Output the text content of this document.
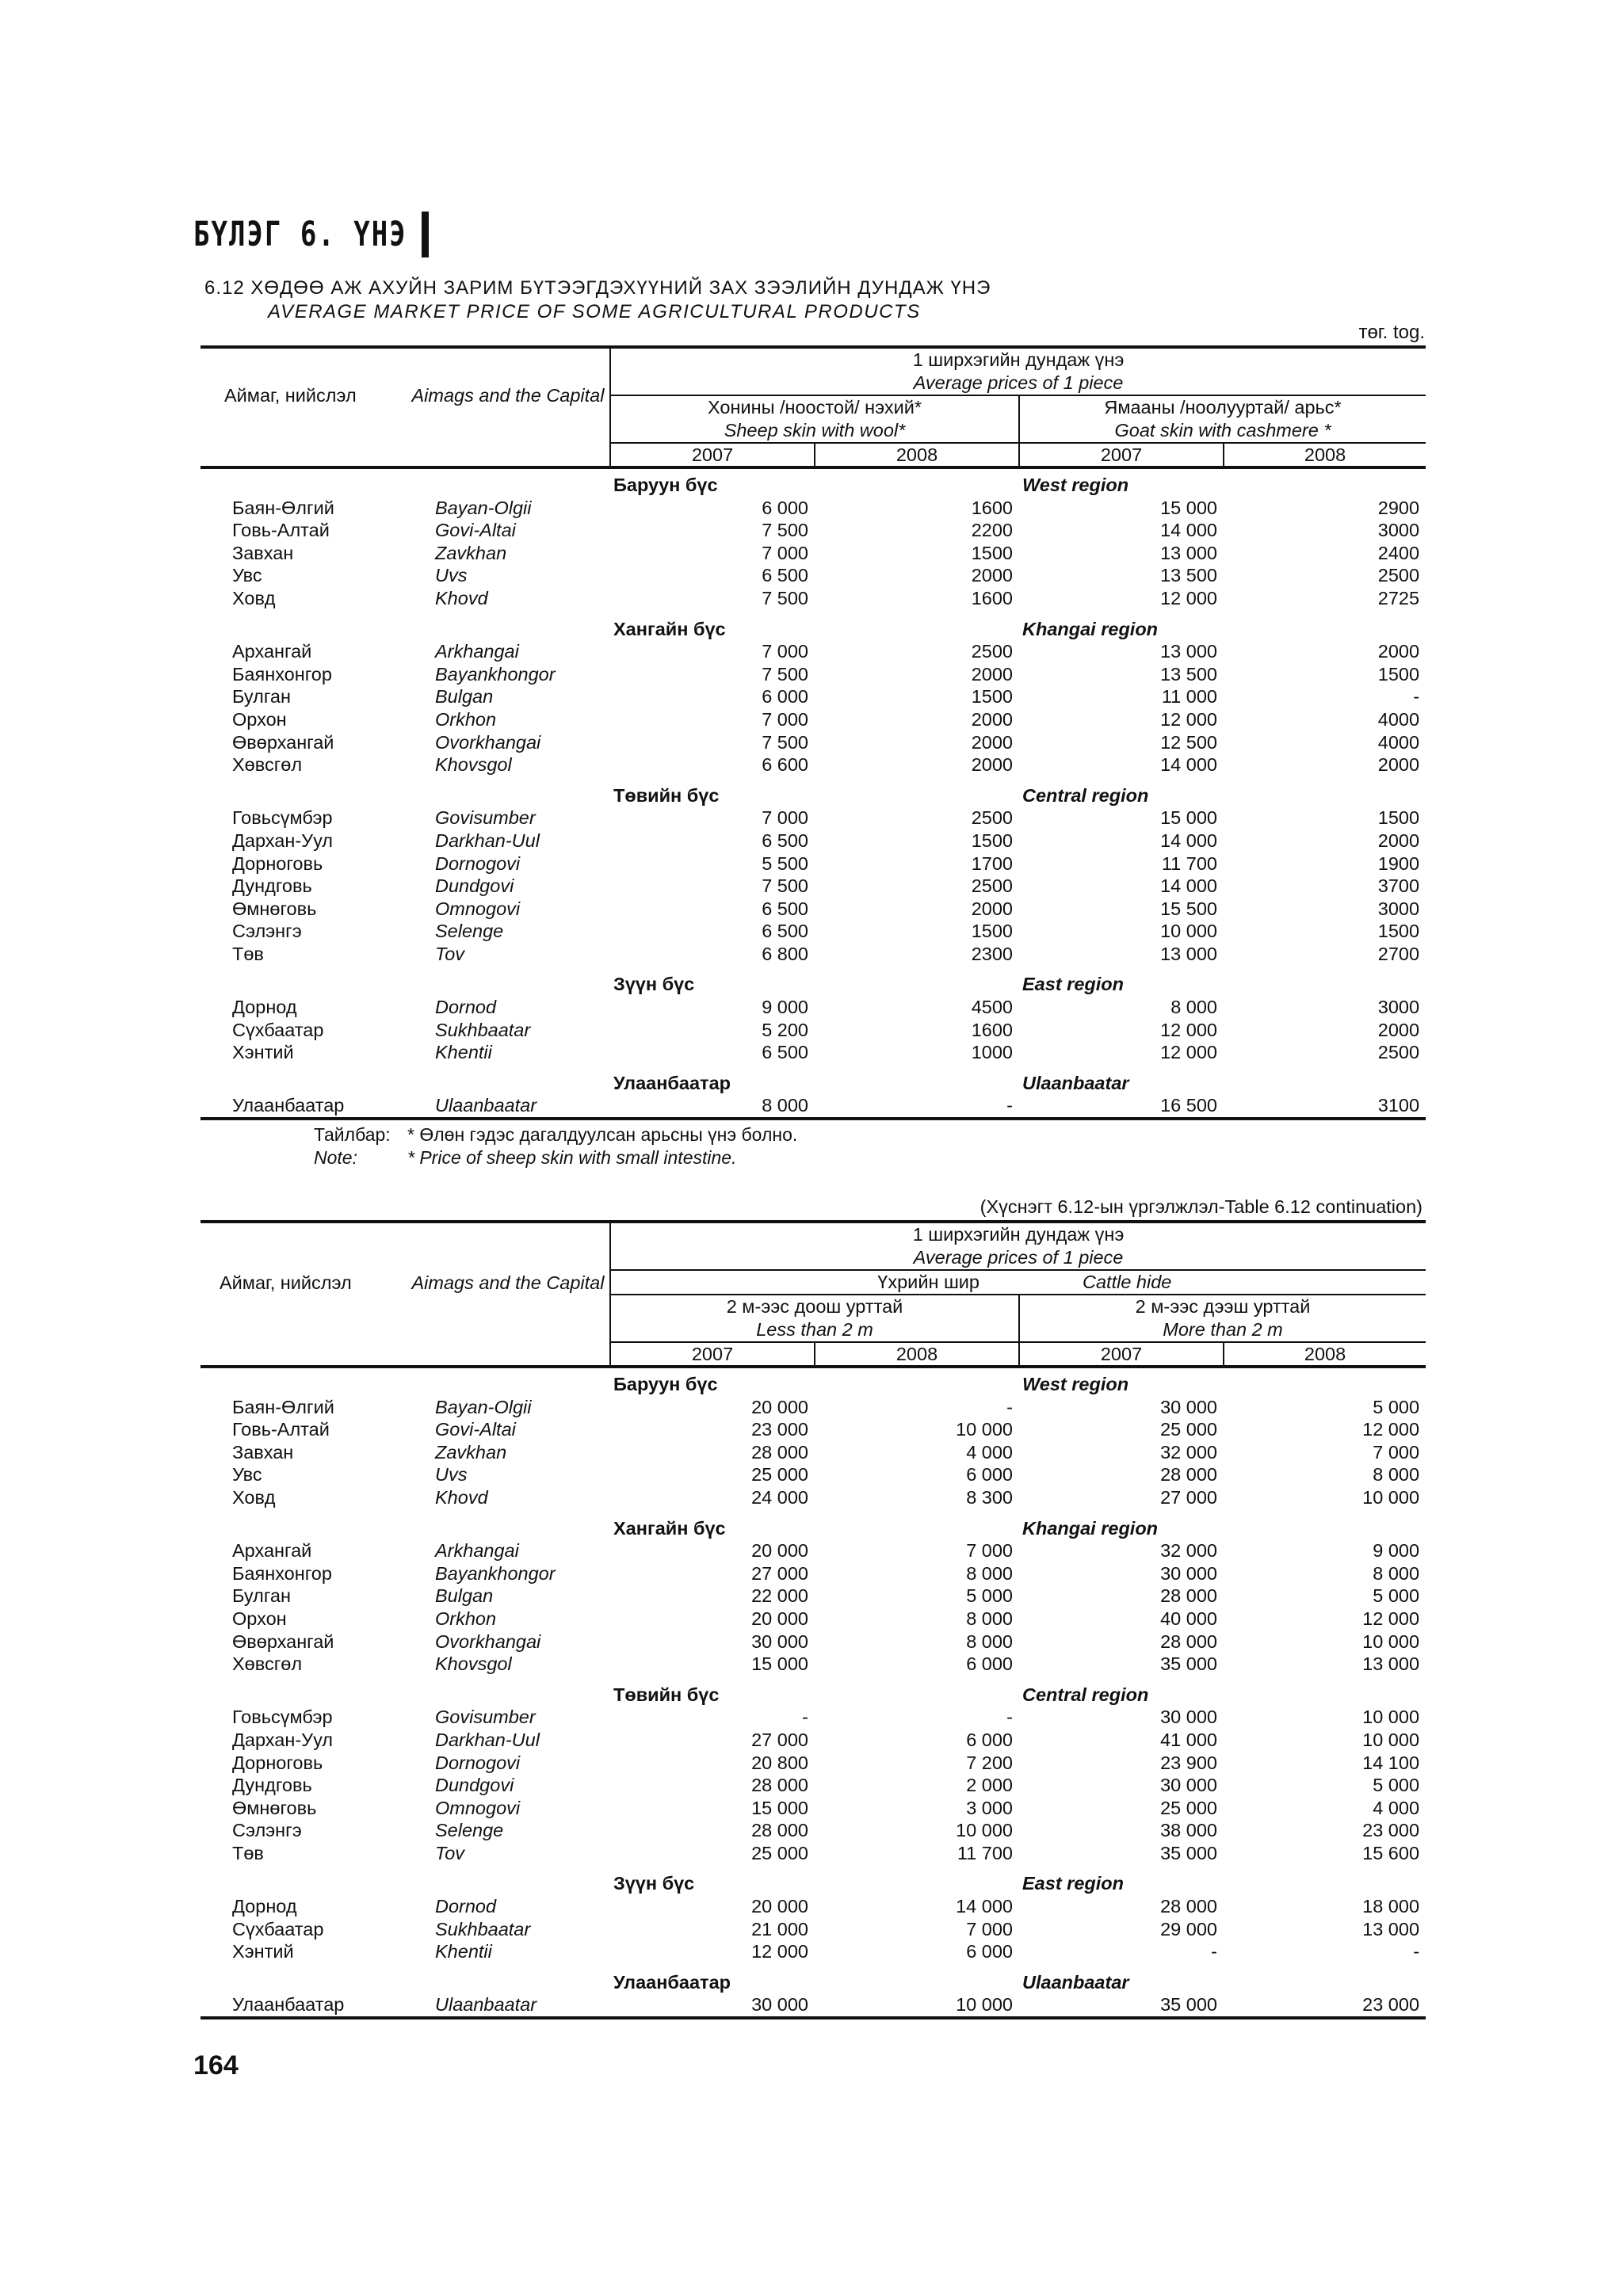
БҮЛЭГ 6. ҮНЭ
6.12 ХӨДӨӨ АЖ АХУЙН ЗАРИМ БҮТЭЭГДЭХҮҮНИЙ ЗАХ ЗЭЭЛИЙН ДУНДАЖ ҮНЭ
AVERAGE MARKET PRICE OF SOME AGRICULTURAL PRODUCTS
төг. tog.
Аймаг, нийслэл	Aimags and the Capital	1 ширхэгийн дундаж үнэ			
		Average prices of 1 piece			
		Хонины /ноостой/ нэхий*		Ямааны /ноолууртай/ арьс*	
		Sheep skin with wool*		Goat skin with cashmere *	
		2007	2008	2007	2008
		Баруун бүс		West region	
Баян-Өлгий	Bayan-Olgii	6 000	1600	15 000	2900
Говь-Алтай	Govi-Altai	7 500	2200	14 000	3000
Завхан	Zavkhan	7 000	1500	13 000	2400
Увс	Uvs	6 500	2000	13 500	2500
Ховд	Khovd	7 500	1600	12 000	2725
		Хангайн бүс		Khangai region	
Архангай	Arkhangai	7 000	2500	13 000	2000
Баянхонгор	Bayankhongor	7 500	2000	13 500	1500
Булган	Bulgan	6 000	1500	11 000	-
Орхон	Orkhon	7 000	2000	12 000	4000
Өвөрхангай	Ovorkhangai	7 500	2000	12 500	4000
Хөвсгөл	Khovsgol	6 600	2000	14 000	2000
		Төвийн бүс		Central region	
Говьсүмбэр	Govisumber	7 000	2500	15 000	1500
Дархан-Уул	Darkhan-Uul	6 500	1500	14 000	2000
Дорноговь	Dornogovi	5 500	1700	11 700	1900
Дундговь	Dundgovi	7 500	2500	14 000	3700
Өмнөговь	Omnogovi	6 500	2000	15 500	3000
Сэлэнгэ	Selenge	6 500	1500	10 000	1500
Төв	Tov	6 800	2300	13 000	2700
		Зүүн бүс		East region	
Дорнод	Dornod	9 000	4500	8 000	3000
Сүхбаатар	Sukhbaatar	5 200	1600	12 000	2000
Хэнтий	Khentii	6 500	1000	12 000	2500
		Улаанбаатар		Ulaanbaatar	
Улаанбаатар	Ulaanbaatar	8 000	-	16 500	3100
Тайлбар: * Өлөн гэдэс дагалдуулсан арьсны үнэ болно.
Note:	* Price of sheep skin with small intestine.
(Хүснэгт 6.12-ын үргэлжлэл-Table 6.12 continuation)
Аймаг, нийслэл	Aimags and the Capital	1 ширхэгийн дундаж үнэ			
		Average prices of 1 piece			
		Үхрийн шир		Cattle hide	
		2 м-ээс доош урттай		2 м-ээс дээш урттай	
		Less than 2 m		More than 2 m	
		2007	2008	2007	2008
		Баруун бүс		West region	
Баян-Өлгий	Bayan-Olgii	20 000	-	30 000	5 000
Говь-Алтай	Govi-Altai	23 000	10 000	25 000	12 000
Завхан	Zavkhan	28 000	4 000	32 000	7 000
Увс	Uvs	25 000	6 000	28 000	8 000
Ховд	Khovd	24 000	8 300	27 000	10 000
		Хангайн бүс		Khangai region	
Архангай	Arkhangai	20 000	7 000	32 000	9 000
Баянхонгор	Bayankhongor	27 000	8 000	30 000	8 000
Булган	Bulgan	22 000	5 000	28 000	5 000
Орхон	Orkhon	20 000	8 000	40 000	12 000
Өвөрхангай	Ovorkhangai	30 000	8 000	28 000	10 000
Хөвсгөл	Khovsgol	15 000	6 000	35 000	13 000
		Төвийн бүс		Central region	
Говьсүмбэр	Govisumber	-	-	30 000	10 000
Дархан-Уул	Darkhan-Uul	27 000	6 000	41 000	10 000
Дорноговь	Dornogovi	20 800	7 200	23 900	14 100
Дундговь	Dundgovi	28 000	2 000	30 000	5 000
Өмнөговь	Omnogovi	15 000	3 000	25 000	4 000
Сэлэнгэ	Selenge	28 000	10 000	38 000	23 000
Төв	Tov	25 000	11 700	35 000	15 600
		Зүүн бүс		East region	
Дорнод	Dornod	20 000	14 000	28 000	18 000
Сүхбаатар	Sukhbaatar	21 000	7 000	29 000	13 000
Хэнтий	Khentii	12 000	6 000	-	-
		Улаанбаатар		Ulaanbaatar	
Улаанбаатар	Ulaanbaatar	30 000	10 000	35 000	23 000
164
